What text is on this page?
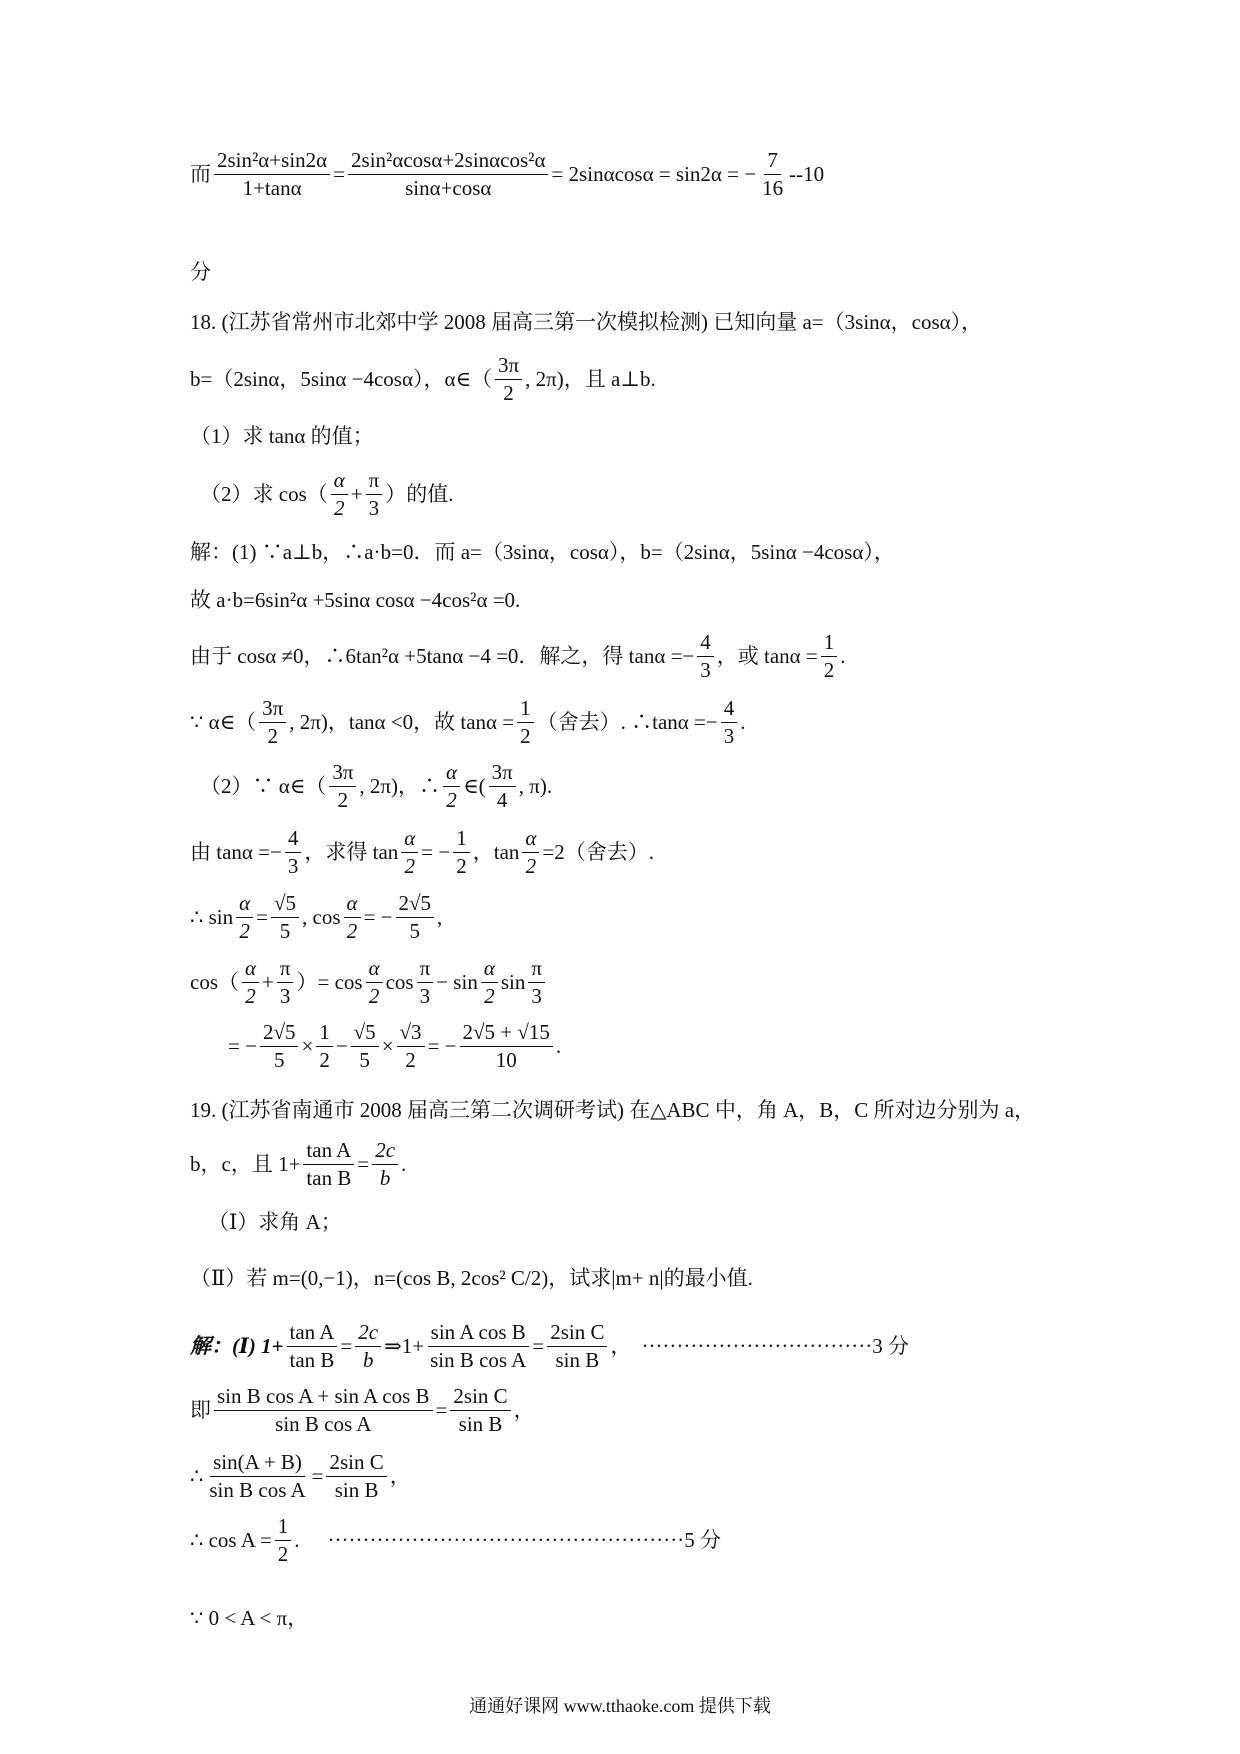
而 $\frac{\text{2sin²α+sin2α}}{1+\tan\alpha} = \frac{\text{2sin²αcosα+2sinαcos²α}}{\sin\alpha+\cos\alpha} = 2\sin\alpha\cos\alpha = \sin 2\alpha$ = − $\frac{7}{16} --10$
分
18. (江苏省常州市北郊中学 2008 届高三第一次模拟检测) 已知向量 a=（3sinα，cosα），
b=（2sinα，5sinα −4cosα），α∈（ $\frac{3\pi}{2}$ , 2π)，且 a⊥b.
（1）求 tanα 的值；
（2）求 $\cos( \frac{\alpha}{2} + \frac{\pi}{3}$ ）的值.
解：(1) ∵a⊥b，∴a·b=0．而 a=（3sinα，cosα），b=（2sinα，5sinα −4cosα），
故 a·b=6sin²α +5sinα cosα −4cos²α =0.
由于 cosα ≠0，∴6tan²α +5tanα −4 =0．解之，得 $\tan\alpha =- \frac{4}{3}$ ，或 $\tan\alpha = \frac{1}{2}$ .
∵ α∈（ $\frac{3\pi}{2}$ , 2π)，tanα <0，故 $\tan\alpha = \frac{1}{2}$ （舍去）. ∴tanα =− $\frac{4}{3}$ .
（2）∵ α∈（ $\frac{3\pi}{2}$ , 2π)，∴ $\frac{\alpha}{2}$ ∈( $\frac{3\pi}{4}$ , π).
由 $\tan\alpha =- \frac{4}{3}$ ，求得 $\tan \frac{\alpha}{2}$ = − $\frac{1}{2}$ ，$\tan \frac{\alpha}{2} =2$（舍去）.
∴ $\sin \frac{\alpha}{2} = \frac{√5}{5}$ , $\cos \frac{\alpha}{2}$ = − $\frac{2√5}{5}$ ,
$\cos( \frac{\alpha}{2} + \frac{\pi}{3}$ ）= $\cos \frac{\alpha}{2}$ $\cos \frac{\pi}{3} - \sin \frac{\alpha}{2}$ $\sin \frac{\pi}{3}$
= − $\frac{2√5}{5} \times \frac{1}{2} - \frac{√5}{5} \times \frac{√3}{2}$ = − $\frac{2√5 + √15}{10}$ .
19. (江苏省南通市 2008 届高三第二次调研考试) 在△ABC 中，角 A，B，C 所对边分别为 a，
b，c，且 $1+ \frac{\text{tan A}}{\text{tan B}} = \frac{2c}{b}$ .
（Ⅰ）求角 A；
（Ⅱ）若 m=(0,−1)，n=(cos B, 2cos² C/2)，试求|m+ n|的最小值.
解：(Ⅰ) $1+ \frac{\text{tan A}}{\text{tan B}} = \frac{2c}{b}$ ⇒1+ $\frac{\text{sin A cos B}}{\text{sin B cos A}} = \frac{\text{2sin C}}{\text{sin B}}$ ， ·································3 分
即 $\frac{\text{sin B cos A + sin A cos B}}{\text{sin B cos A}} = \frac{\text{2sin C}}{\text{sin B}}$ ，
∴ $\frac{\sin(A + B)}{\text{sin B cos A}} = \frac{\text{2sin C}}{\text{sin B}}$ ，
∴ $\cos A = \frac{1}{2}$ . ···················································5 分
∵ 0 < A < π，
通通好课网 www.tthaoke.com 提供下载
